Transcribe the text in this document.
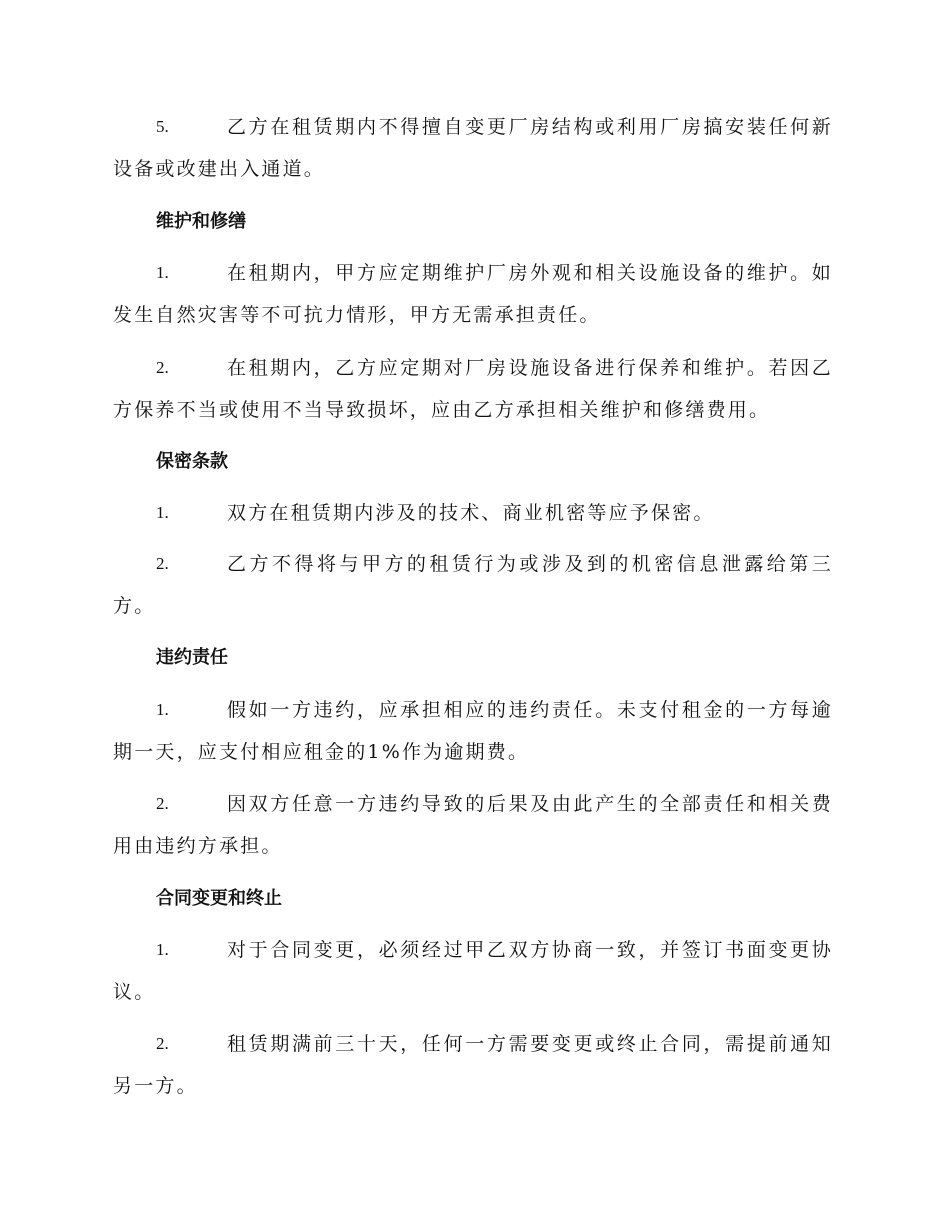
5.	乙方在租赁期内不得擅自变更厂房结构或利用厂房搞安装任何新设备或改建出入通道。
维护和修缮
1.	在租期内，甲方应定期维护厂房外观和相关设施设备的维护。如发生自然灾害等不可抗力情形，甲方无需承担责任。
2.	在租期内，乙方应定期对厂房设施设备进行保养和维护。若因乙方保养不当或使用不当导致损坏，应由乙方承担相关维护和修缮费用。
保密条款
1.	双方在租赁期内涉及的技术、商业机密等应予保密。
2.	乙方不得将与甲方的租赁行为或涉及到的机密信息泄露给第三方。
违约责任
1.	假如一方违约，应承担相应的违约责任。未支付租金的一方每逾期一天，应支付相应租金的1%作为逾期费。
2.	因双方任意一方违约导致的后果及由此产生的全部责任和相关费用由违约方承担。
合同变更和终止
1.	对于合同变更，必须经过甲乙双方协商一致，并签订书面变更协议。
2.	租赁期满前三十天，任何一方需要变更或终止合同，需提前通知另一方。
